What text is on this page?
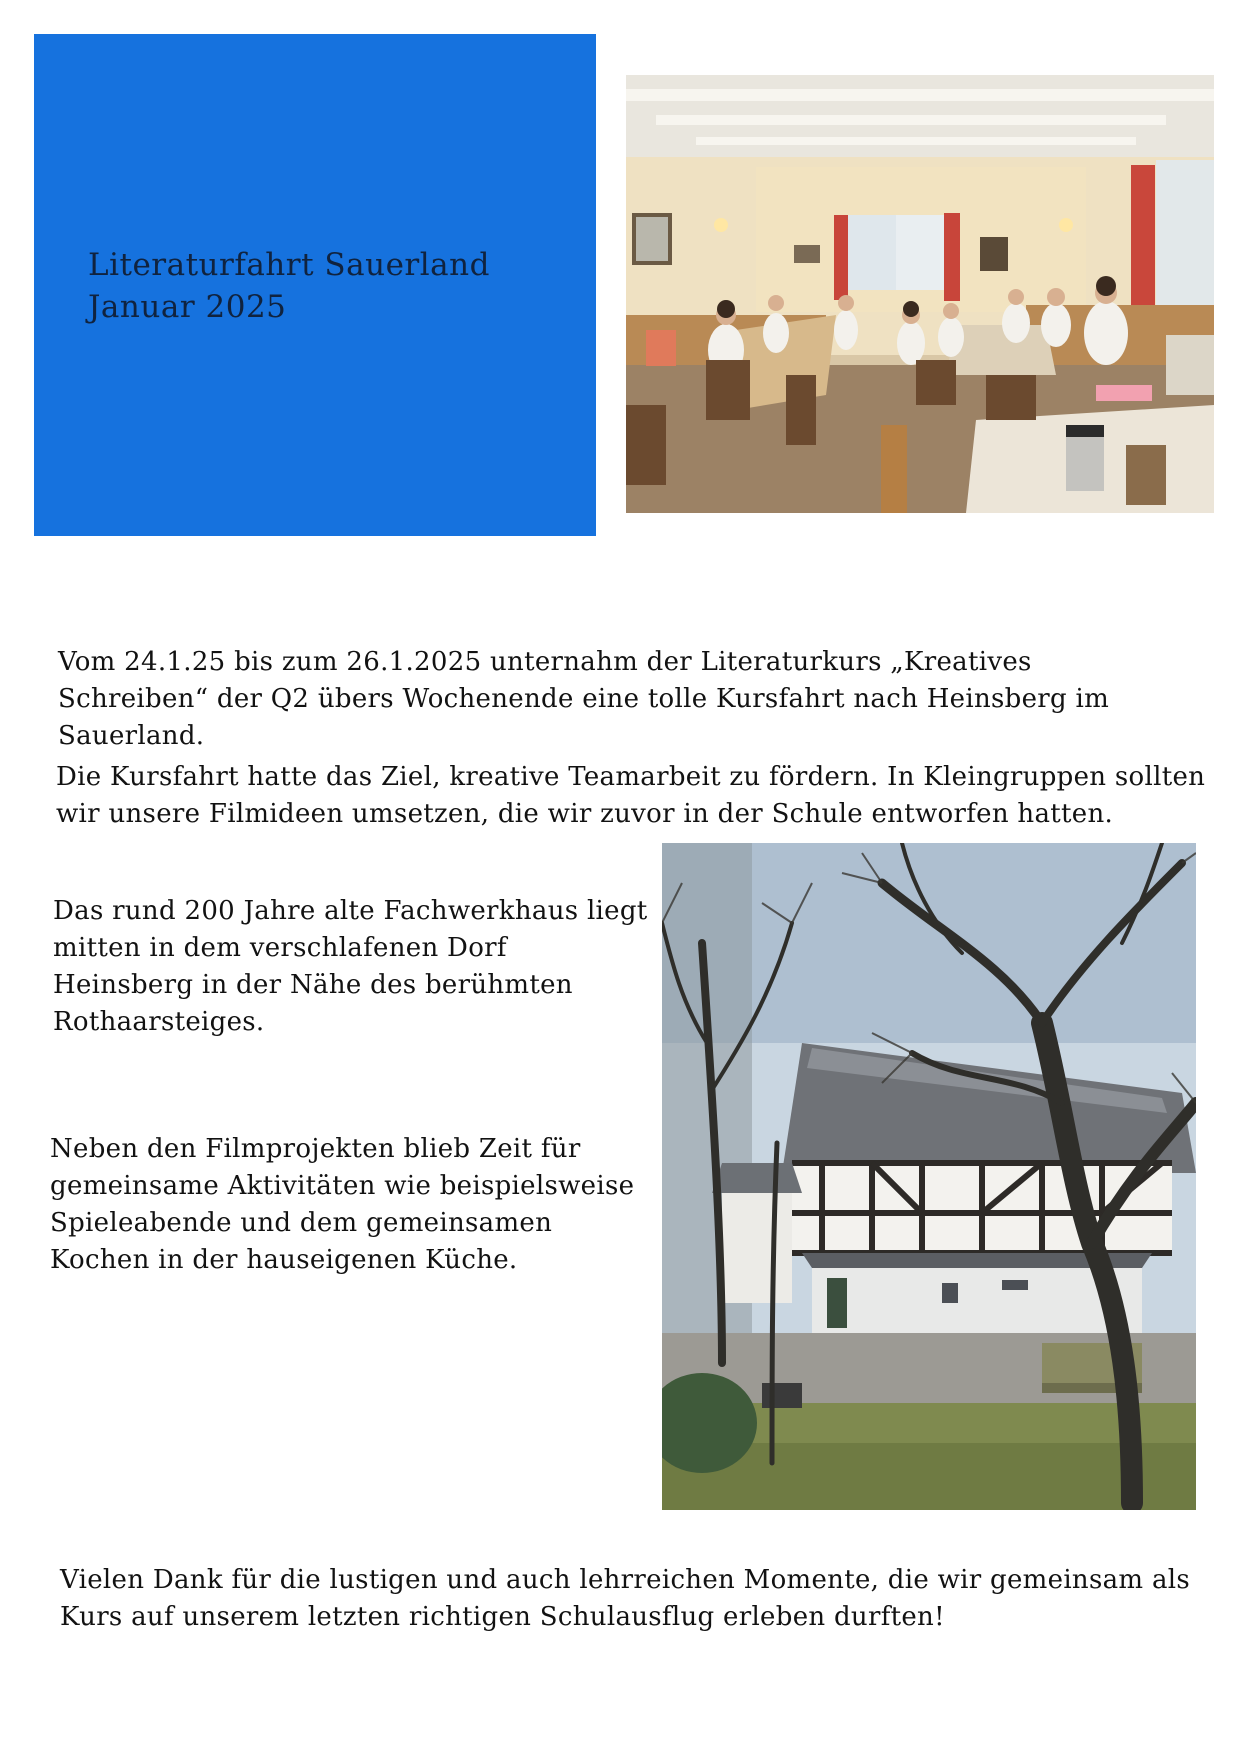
Literaturfahrt Sauerland
Januar 2025

Vom 24.1.25 bis zum 26.1.2025 unternahm der Literaturkurs „Kreatives Schreiben“ der Q2 übers Wochenende eine tolle Kursfahrt nach Heinsberg im Sauerland.

Die Kursfahrt hatte das Ziel, kreative Teamarbeit zu fördern. In Kleingruppen sollten wir unsere Filmideen umsetzen, die wir zuvor in der Schule entworfen hatten.

Das rund 200 Jahre alte Fachwerkhaus liegt mitten in dem verschlafenen Dorf Heinsberg in der Nähe des berühmten Rothaarsteiges.

Neben den Filmprojekten blieb Zeit für gemeinsame Aktivitäten wie beispielsweise Spieleabende und dem gemeinsamen Kochen in der hauseigenen Küche.

Vielen Dank für die lustigen und auch lehrreichen Momente, die wir gemeinsam als Kurs auf unserem letzten richtigen Schulausflug erleben durften!
